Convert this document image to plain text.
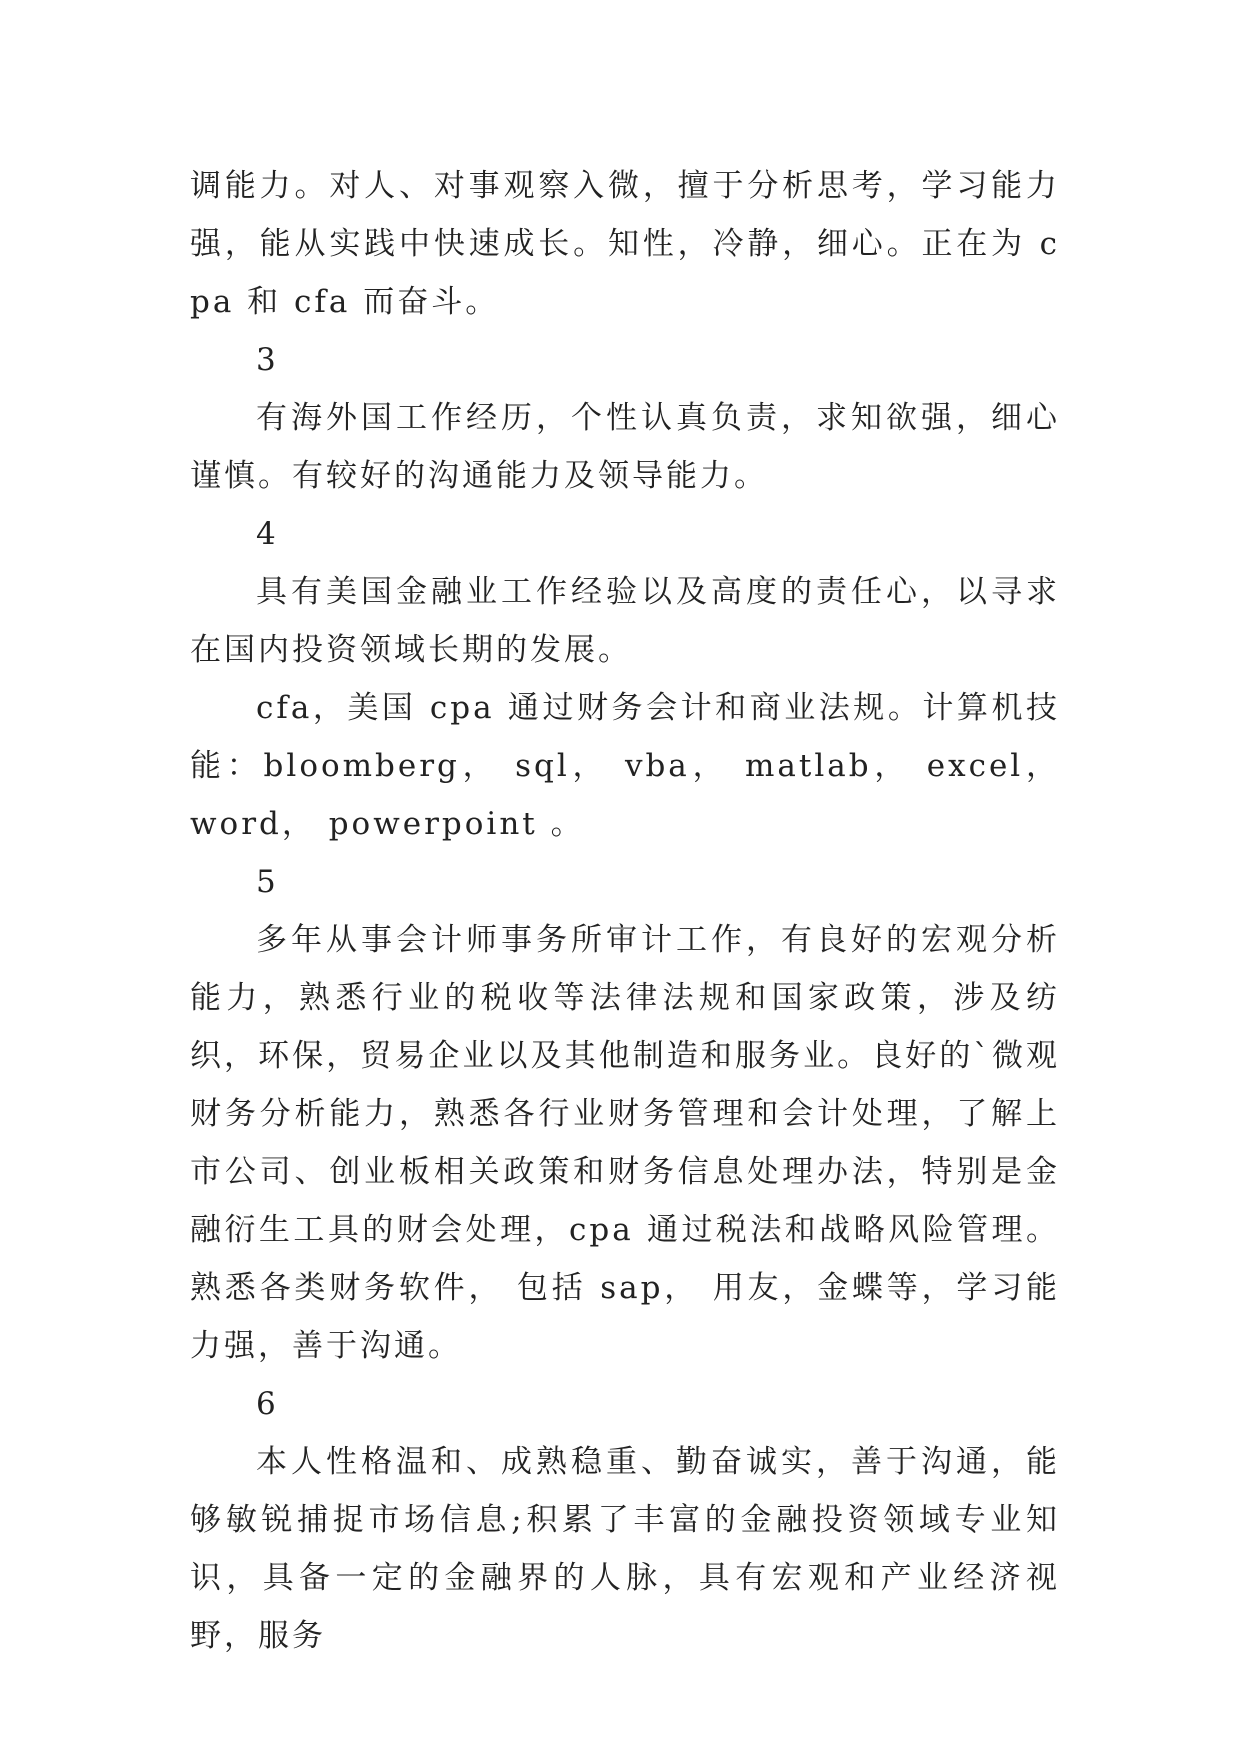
调能力。对人、对事观察入微，擅于分析思考，学习能力强，能从实践中快速成长。知性，冷静，细心。正在为 cpa 和 cfa 而奋斗。

3

有海外国工作经历，个性认真负责，求知欲强，细心谨慎。有较好的沟通能力及领导能力。

4

具有美国金融业工作经验以及高度的责任心，以寻求在国内投资领域长期的发展。

cfa，美国 cpa 通过财务会计和商业法规。计算机技能：bloomberg， sql， vba， matlab， excel， word， powerpoint 。

5

多年从事会计师事务所审计工作，有良好的宏观分析能力，熟悉行业的税收等法律法规和国家政策，涉及纺织，环保，贸易企业以及其他制造和服务业。良好的`微观财务分析能力，熟悉各行业财务管理和会计处理，了解上市公司、创业板相关政策和财务信息处理办法，特别是金融衍生工具的财会处理，cpa 通过税法和战略风险管理。 熟悉各类财务软件， 包括 sap， 用友，金蝶等，学习能力强，善于沟通。

6

本人性格温和、成熟稳重、勤奋诚实，善于沟通，能够敏锐捕捉市场信息;积累了丰富的金融投资领域专业知识，具备一定的金融界的人脉，具有宏观和产业经济视野，服务
